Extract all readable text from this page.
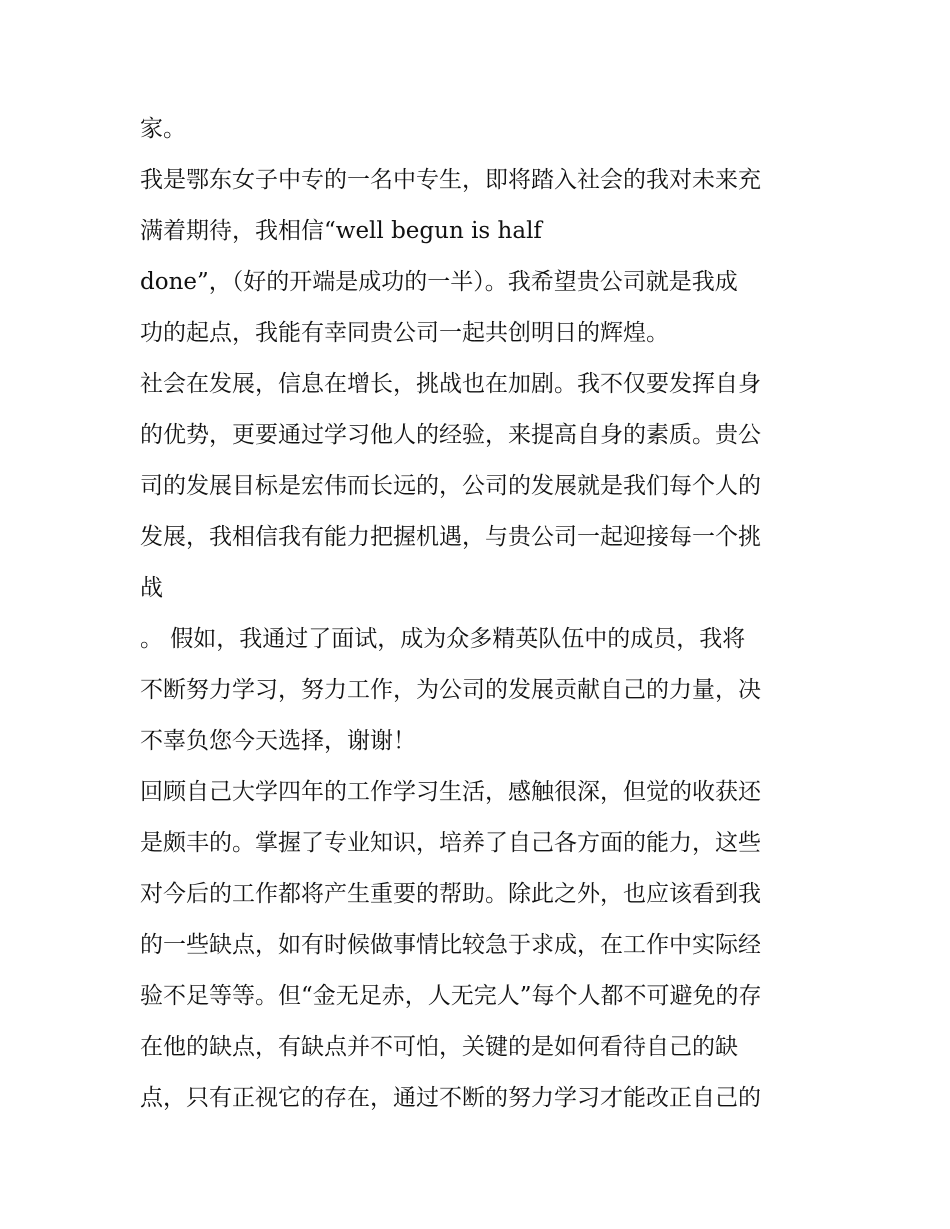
家。
我是鄂东女子中专的一名中专生，即将踏入社会的我对未来充
满着期待，我相信“well begun is half
done”，（好的开端是成功的一半）。我希望贵公司就是我成
功的起点，我能有幸同贵公司一起共创明日的辉煌。
社会在发展，信息在增长，挑战也在加剧。我不仅要发挥自身
的优势，更要通过学习他人的经验，来提高自身的素质。贵公
司的发展目标是宏伟而长远的，公司的发展就是我们每个人的
发展，我相信我有能力把握机遇，与贵公司一起迎接每一个挑
战
。 假如，我通过了面试，成为众多精英队伍中的成员，我将
不断努力学习，努力工作，为公司的发展贡献自己的力量，决
不辜负您今天选择，谢谢！
回顾自己大学四年的工作学习生活，感触很深，但觉的收获还
是颇丰的。掌握了专业知识，培养了自己各方面的能力，这些
对今后的工作都将产生重要的帮助。除此之外，也应该看到我
的一些缺点，如有时候做事情比较急于求成，在工作中实际经
验不足等等。但“金无足赤，人无完人”每个人都不可避免的存
在他的缺点，有缺点并不可怕，关键的是如何看待自己的缺
点，只有正视它的存在，通过不断的努力学习才能改正自己的
